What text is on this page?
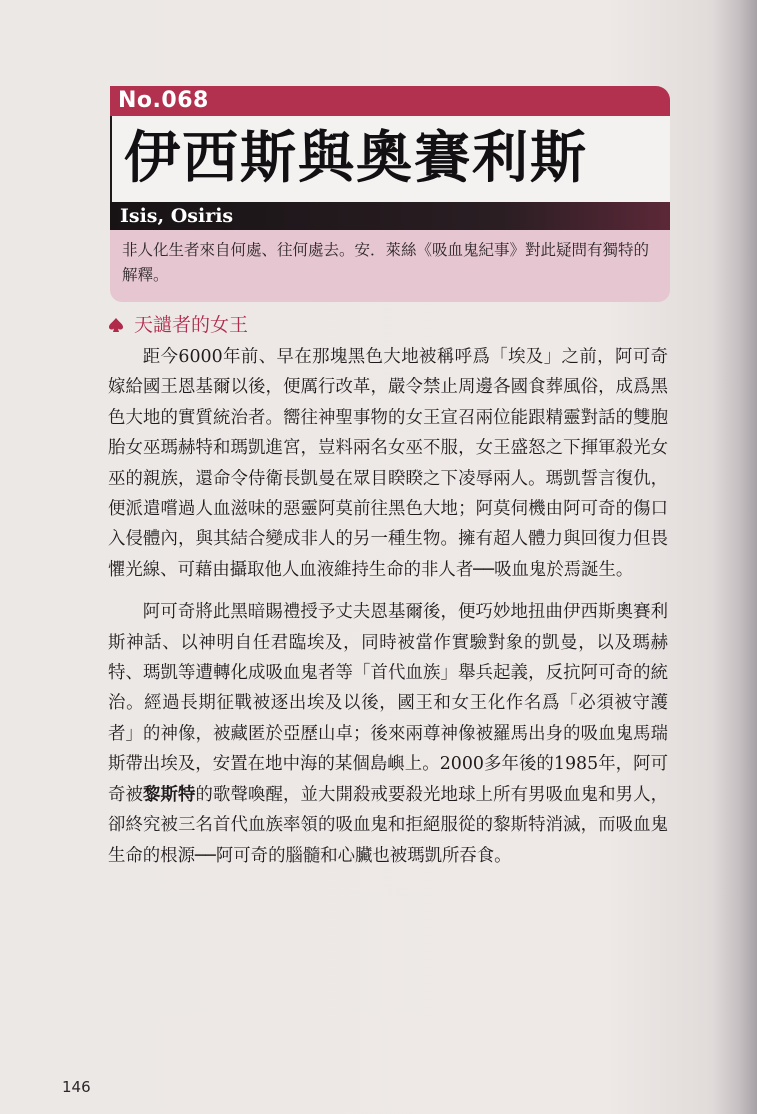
No.068
伊西斯與奧賽利斯
Isis, Osiris
非人化生者來自何處、往何處去。安．萊絲《吸血鬼紀事》對此疑問有獨特的解釋。
天譴者的女王

距今6000年前、早在那塊黑色大地被稱呼爲「埃及」之前，阿可奇嫁給國王恩基爾以後，便厲行改革，嚴令禁止周邊各國食葬風俗，成爲黑色大地的實質統治者。嚮往神聖事物的女王宣召兩位能跟精靈對話的雙胞胎女巫瑪赫特和瑪凱進宮，豈料兩名女巫不服，女王盛怒之下揮軍殺光女巫的親族，還命令侍衛長凱曼在眾目睽睽之下凌辱兩人。瑪凱誓言復仇，便派遣嚐過人血滋味的惡靈阿莫前往黑色大地；阿莫伺機由阿可奇的傷口入侵體內，與其結合變成非人的另一種生物。擁有超人體力與回復力但畏懼光線、可藉由攝取他人血液維持生命的非人者──吸血鬼於焉誕生。

阿可奇將此黑暗賜禮授予丈夫恩基爾後，便巧妙地扭曲伊西斯奧賽利斯神話、以神明自任君臨埃及，同時被當作實驗對象的凱曼，以及瑪赫特、瑪凱等遭轉化成吸血鬼者等「首代血族」舉兵起義，反抗阿可奇的統治。經過長期征戰被逐出埃及以後，國王和女王化作名爲「必須被守護者」的神像，被藏匿於亞歷山卓；後來兩尊神像被羅馬出身的吸血鬼馬瑞斯帶出埃及，安置在地中海的某個島嶼上。2000多年後的1985年，阿可奇被黎斯特的歌聲喚醒，並大開殺戒要殺光地球上所有男吸血鬼和男人，卻終究被三名首代血族率領的吸血鬼和拒絕服從的黎斯特消滅，而吸血鬼生命的根源──阿可奇的腦髓和心臟也被瑪凱所吞食。

146
